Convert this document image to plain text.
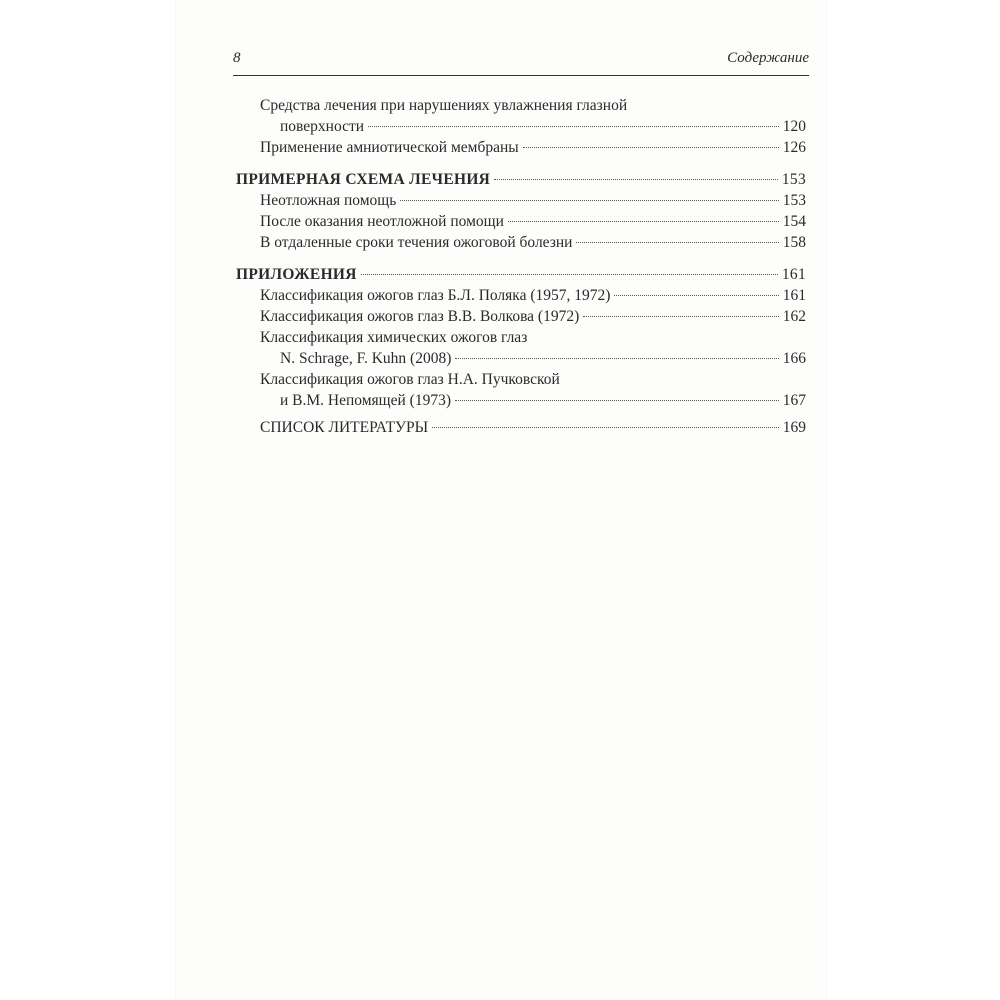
8	Содержание
Средства лечения при нарушениях увлажнения глазной
поверхности	120
Применение амниотической мембраны	126
ПРИМЕРНАЯ СХЕМА ЛЕЧЕНИЯ	153
Неотложная помощь	153
После оказания неотложной помощи	154
В отдаленные сроки течения ожоговой болезни	158
ПРИЛОЖЕНИЯ	161
Классификация ожогов глаз Б.Л. Поляка (1957, 1972)	161
Классификация ожогов глаз В.В. Волкова (1972)	162
Классификация химических ожогов глаз
N. Schrage, F. Kuhn (2008)	166
Классификация ожогов глаз Н.А. Пучковской
и В.М. Непомящей (1973)	167
СПИСОК ЛИТЕРАТУРЫ	169
